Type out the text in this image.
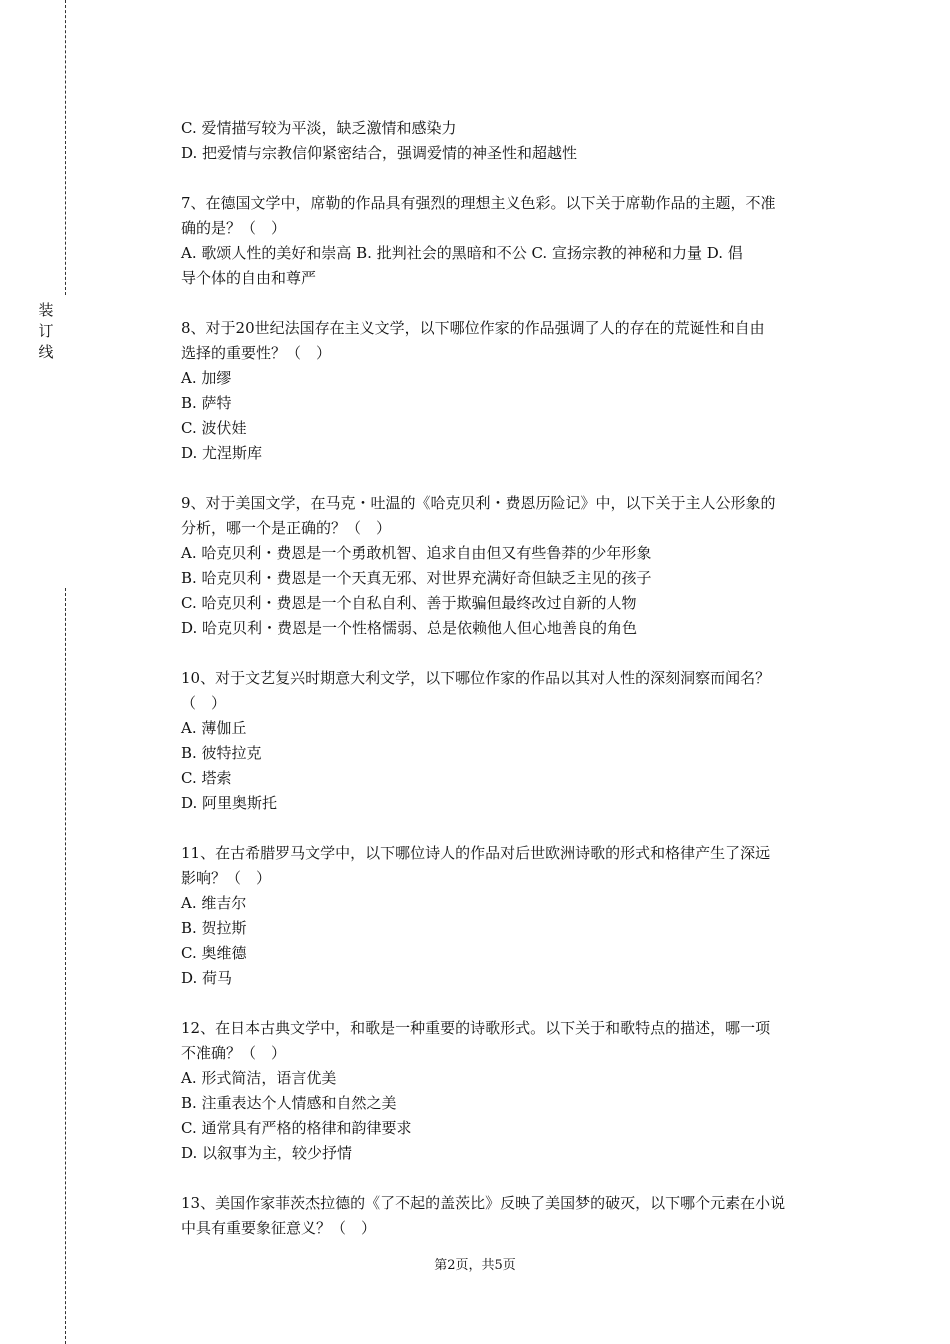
装
订
线
C. 爱情描写较为平淡，缺乏激情和感染力
D. 把爱情与宗教信仰紧密结合，强调爱情的神圣性和超越性
7、在德国文学中，席勒的作品具有强烈的理想主义色彩。以下关于席勒作品的主题，不准
确的是？（　）
A. 歌颂人性的美好和崇高 B. 批判社会的黑暗和不公 C. 宣扬宗教的神秘和力量 D. 倡
导个体的自由和尊严
8、对于20世纪法国存在主义文学，以下哪位作家的作品强调了人的存在的荒诞性和自由
选择的重要性？（　）
A. 加缪
B. 萨特
C. 波伏娃
D. 尤涅斯库
9、对于美国文学，在马克・吐温的《哈克贝利・费恩历险记》中，以下关于主人公形象的
分析，哪一个是正确的？（　）
A. 哈克贝利・费恩是一个勇敢机智、追求自由但又有些鲁莽的少年形象
B. 哈克贝利・费恩是一个天真无邪、对世界充满好奇但缺乏主见的孩子
C. 哈克贝利・费恩是一个自私自利、善于欺骗但最终改过自新的人物
D. 哈克贝利・费恩是一个性格懦弱、总是依赖他人但心地善良的角色
10、对于文艺复兴时期意大利文学，以下哪位作家的作品以其对人性的深刻洞察而闻名？
（　）
A. 薄伽丘
B. 彼特拉克
C. 塔索
D. 阿里奥斯托
11、在古希腊罗马文学中，以下哪位诗人的作品对后世欧洲诗歌的形式和格律产生了深远
影响？（　）
A. 维吉尔
B. 贺拉斯
C. 奥维德
D. 荷马
12、在日本古典文学中，和歌是一种重要的诗歌形式。以下关于和歌特点的描述，哪一项
不准确？（　）
A. 形式简洁，语言优美
B. 注重表达个人情感和自然之美
C. 通常具有严格的格律和韵律要求
D. 以叙事为主，较少抒情
13、美国作家菲茨杰拉德的《了不起的盖茨比》反映了美国梦的破灭，以下哪个元素在小说
中具有重要象征意义？（　）
第2页，共5页
